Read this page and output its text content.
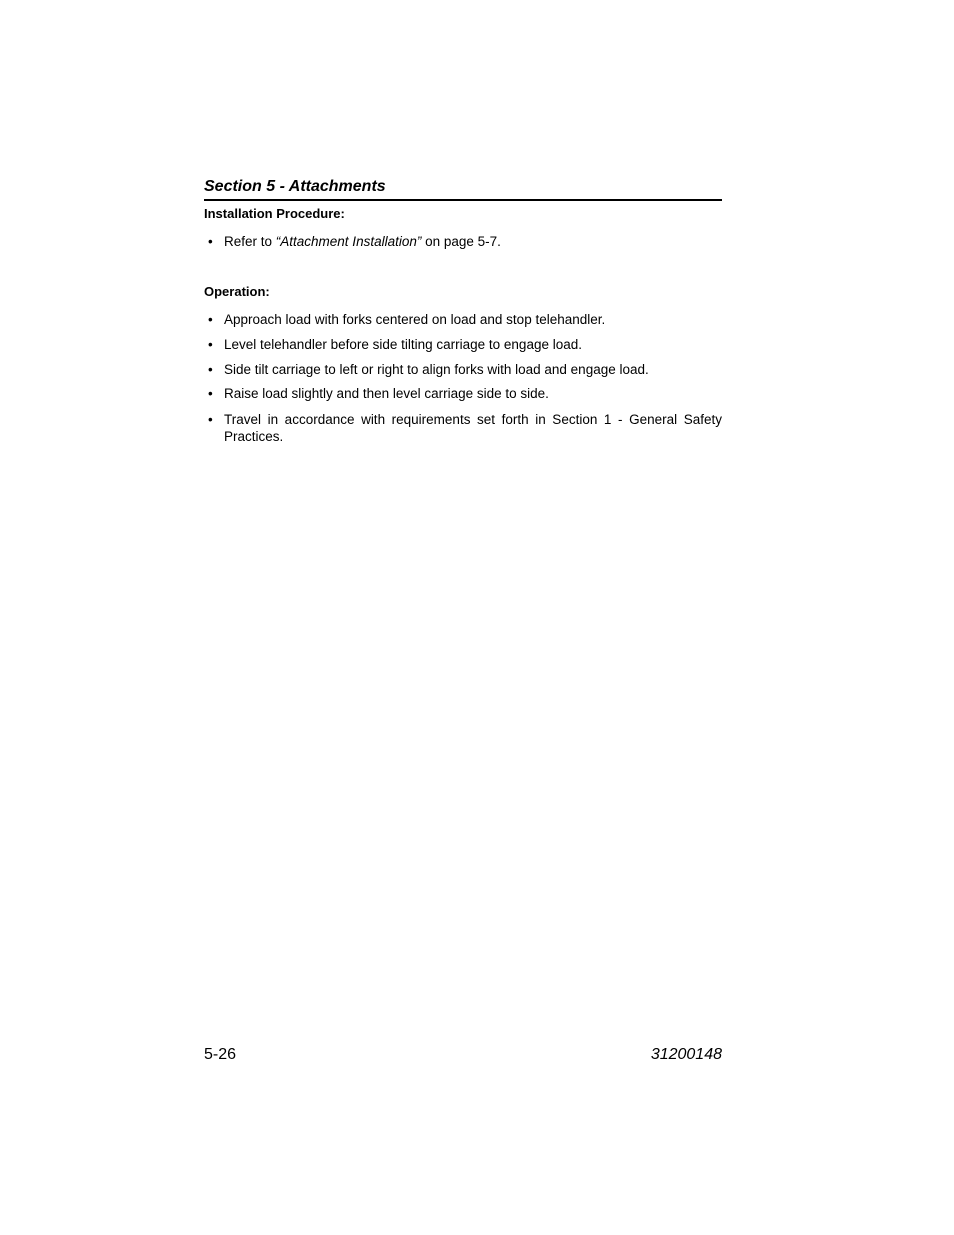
Section 5 - Attachments
Installation Procedure:
• Refer to “Attachment Installation” on page 5-7.
Operation:
• Approach load with forks centered on load and stop telehandler.
• Level telehandler before side tilting carriage to engage load.
• Side tilt carriage to left or right to align forks with load and engage load.
• Raise load slightly and then level carriage side to side.
• Travel in accordance with requirements set forth in Section 1 - General Safety Practices.
5-26	31200148
